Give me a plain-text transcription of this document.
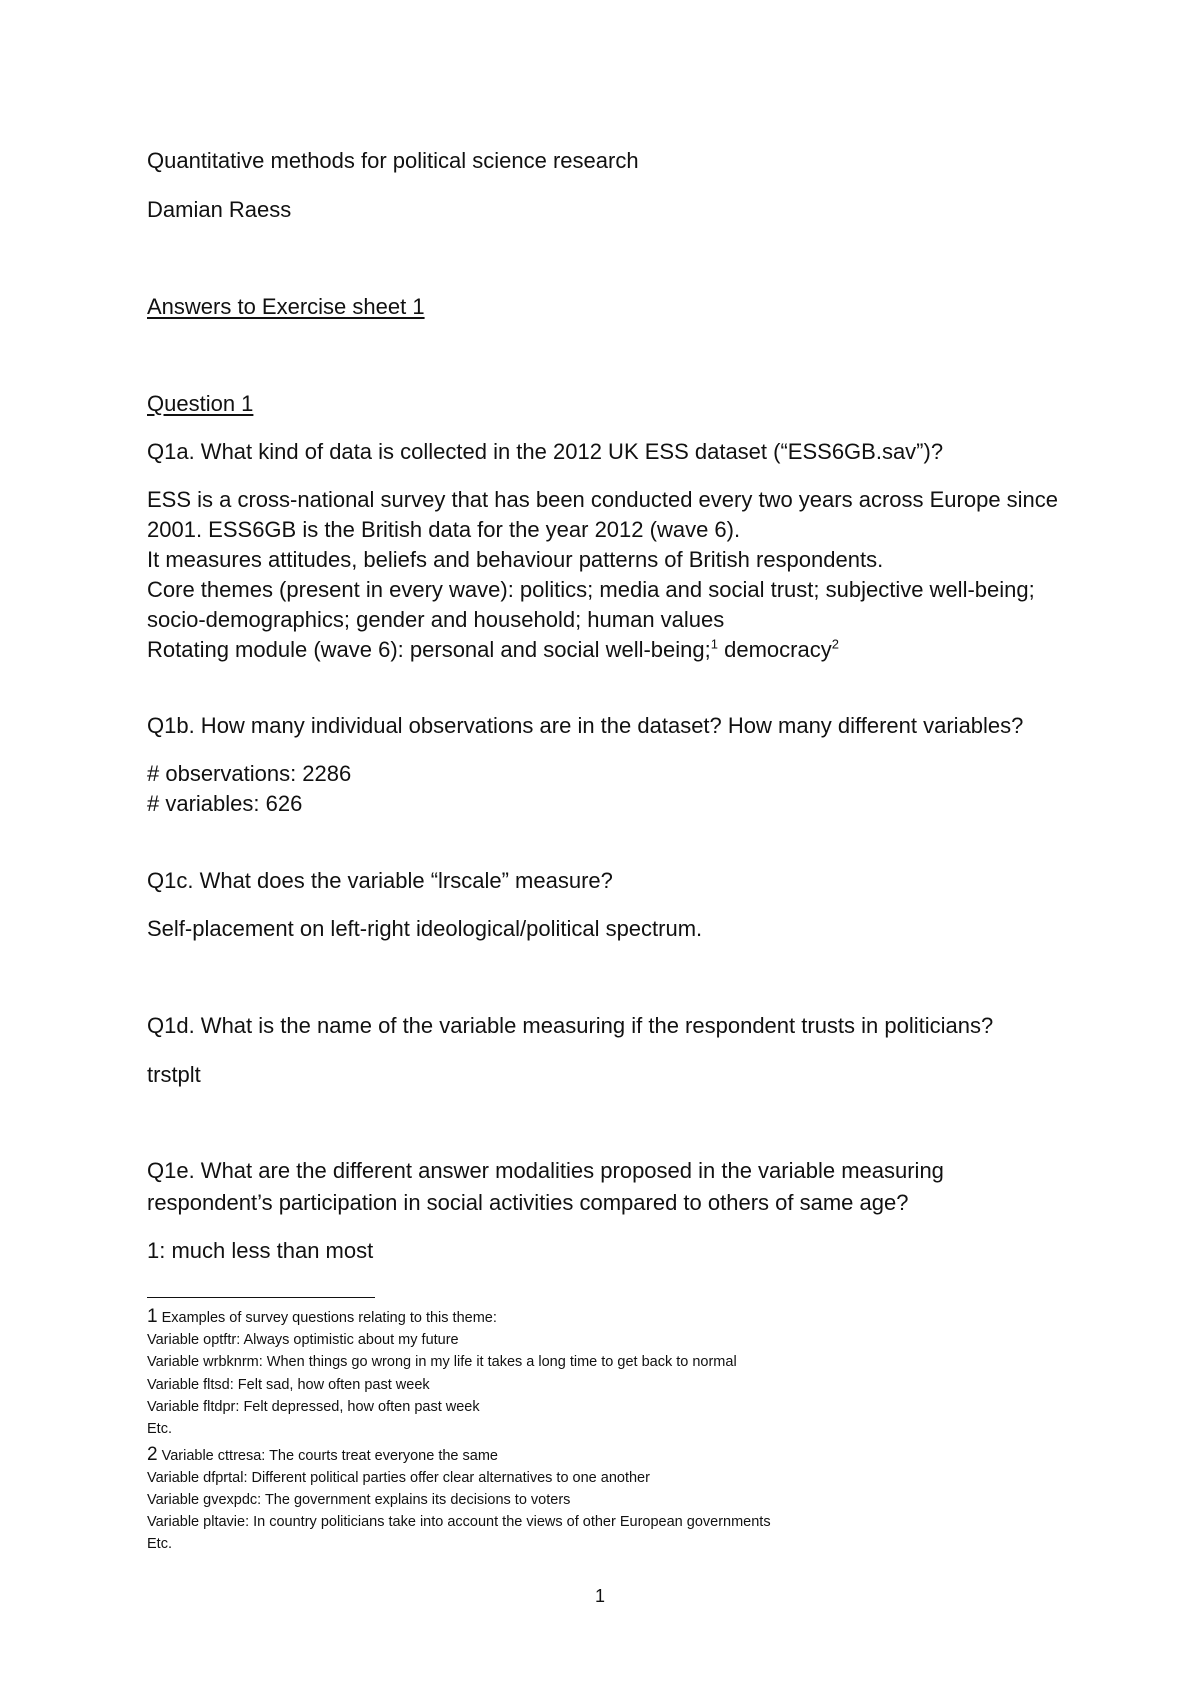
Quantitative methods for political science research
Damian Raess
Answers to Exercise sheet 1
Question 1
Q1a. What kind of data is collected in the 2012 UK ESS dataset (“ESS6GB.sav”)?
ESS is a cross-national survey that has been conducted every two years across Europe since
2001. ESS6GB is the British data for the year 2012 (wave 6).
It measures attitudes, beliefs and behaviour patterns of British respondents.
Core themes (present in every wave): politics; media and social trust; subjective well-being;
socio-demographics; gender and household; human values
Rotating module (wave 6): personal and social well-being;$^1$ democracy$^2$
Q1b. How many individual observations are in the dataset? How many different variables?
# observations: 2286
# variables: 626
Q1c. What does the variable “lrscale” measure?
Self-placement on left-right ideological/political spectrum.
Q1d. What is the name of the variable measuring if the respondent trusts in politicians?
trstplt
Q1e. What are the different answer modalities proposed in the variable measuring
respondent’s participation in social activities compared to others of same age?
1: much less than most
1 Examples of survey questions relating to this theme:
Variable optftr: Always optimistic about my future
Variable wrbknrm: When things go wrong in my life it takes a long time to get back to normal
Variable fltsd: Felt sad, how often past week
Variable fltdpr: Felt depressed, how often past week
Etc.
2 Variable cttresa: The courts treat everyone the same
Variable dfprtal: Different political parties offer clear alternatives to one another
Variable gvexpdc: The government explains its decisions to voters
Variable pltavie: In country politicians take into account the views of other European governments
Etc.
1
